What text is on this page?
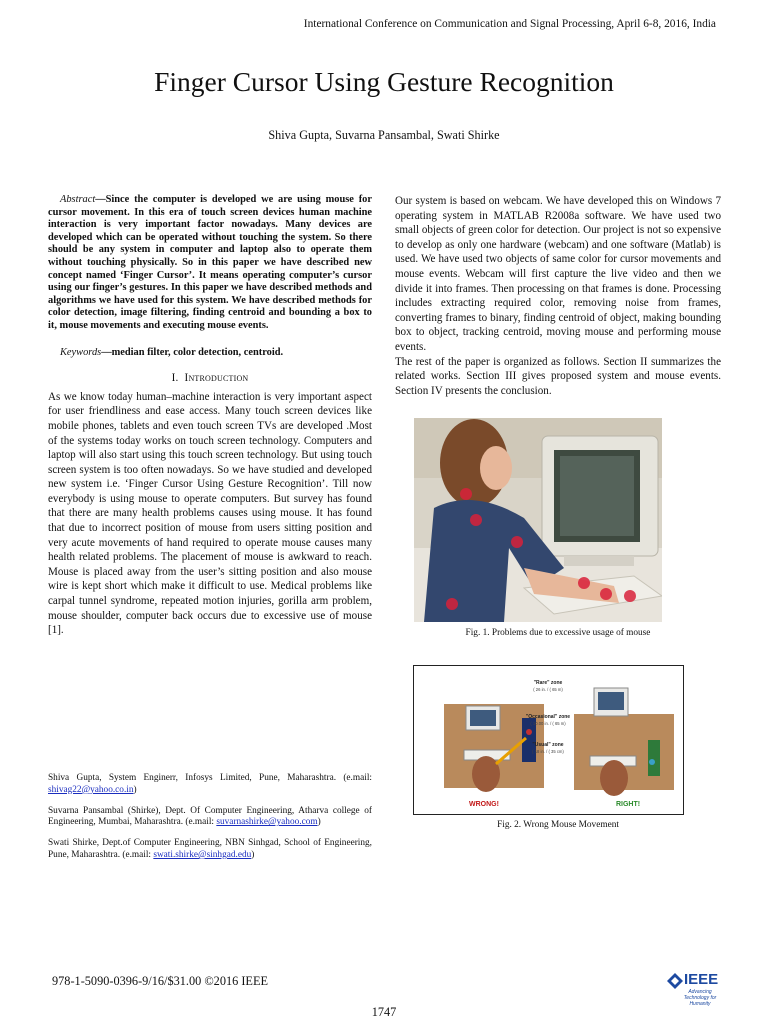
International Conference on Communication and Signal Processing, April 6-8, 2016, India
Finger Cursor Using Gesture Recognition
Shiva Gupta, Suvarna Pansambal, Swati Shirke

Abstract—Since the computer is developed we are using mouse for cursor movement. In this era of touch screen devices human machine interaction is very important factor nowadays. Many devices are developed which can be operated without touching the system. So there should be any system in computer and laptop also to operate them without touching physically. So in this paper we have described new concept named ‘Finger Cursor’. It means operating computer’s cursor using our finger’s gestures. In this paper we have described methods and algorithms we have used for this system. We have described methods for color detection, image filtering, finding centroid and bounding a box to it, mouse movements and executing mouse events.

Keywords—median filter, color detection, centroid.

I. Introduction

As we know today human–machine interaction is very important aspect for user friendliness and ease access. Many touch screen devices like mobile phones, tablets and even touch screen TVs are developed .Most of the systems today works on touch screen technology. Computers and laptop will also start using this touch screen technology. But using touch screen system is too often nowadays. So we have studied and developed new system i.e. ‘Finger Cursor Using Gesture Recognition’. Till now everybody is using mouse to operate computers. But survey has found that there are many health problems causes using mouse. It has found that due to incorrect position of mouse from users sitting position and very acute movements of hand required to operate mouse causes many health related problems. The placement of mouse is awkward to reach. Mouse is placed away from the user’s sitting position and also mouse wire is kept short which make it difficult to use. Medical problems like carpal tunnel syndrome, repeated motion injuries, gorilla arm problem, mouse shoulder, computer back occurs due to excessive use of mouse [1].

Our system is based on webcam. We have developed this on Windows 7 operating system in MATLAB R2008a software. We have used two small objects of green color for detection. Our project is not so expensive to develop as only one hardware (webcam) and one software (Matlab) is used. We have used two objects of same color for cursor movements and mouse events. Webcam will first capture the live video and then we divide it into frames. Then processing on that frames is done. Processing includes extracting required color, removing noise from frames, converting frames to binary, finding centroid of object, making bounding box to object, tracking centroid, moving mouse and performing mouse events.

The rest of the paper is organized as follows. Section II summarizes the related works. Section III gives proposed system and mouse events. Section IV presents the conclusion.

Fig. 1. Problems due to excessive usage of mouse
WRONG!
"Rare" zone
( 26 in. / ( 65 m)
"Occasional" zone
( 10.00 in. / ( 65 m)
"Usual" zone
( 18 in. / ( 35 cm)
RIGHT!
Fig. 2. Wrong Mouse Movement

Shiva Gupta, System Enginerr, Infosys Limited, Pune, Maharashtra. (e.mail: shivag22@yahoo.co.in)

Suvarna Pansambal (Shirke), Dept. Of Computer Engineering, Atharva college of Engineering, Mumbai, Maharashtra. (e.mail: suvarnashirke@yahoo.com)

Swati Shirke, Dept.of Computer Engineering, NBN Sinhgad, School of Engineering, Pune, Maharashtra. (e.mail: swati.shirke@sinhgad.edu)

978-1-5090-0396-9/16/$31.00 ©2016 IEEE	IEEE
Advancing Technology for Humanity
1747
